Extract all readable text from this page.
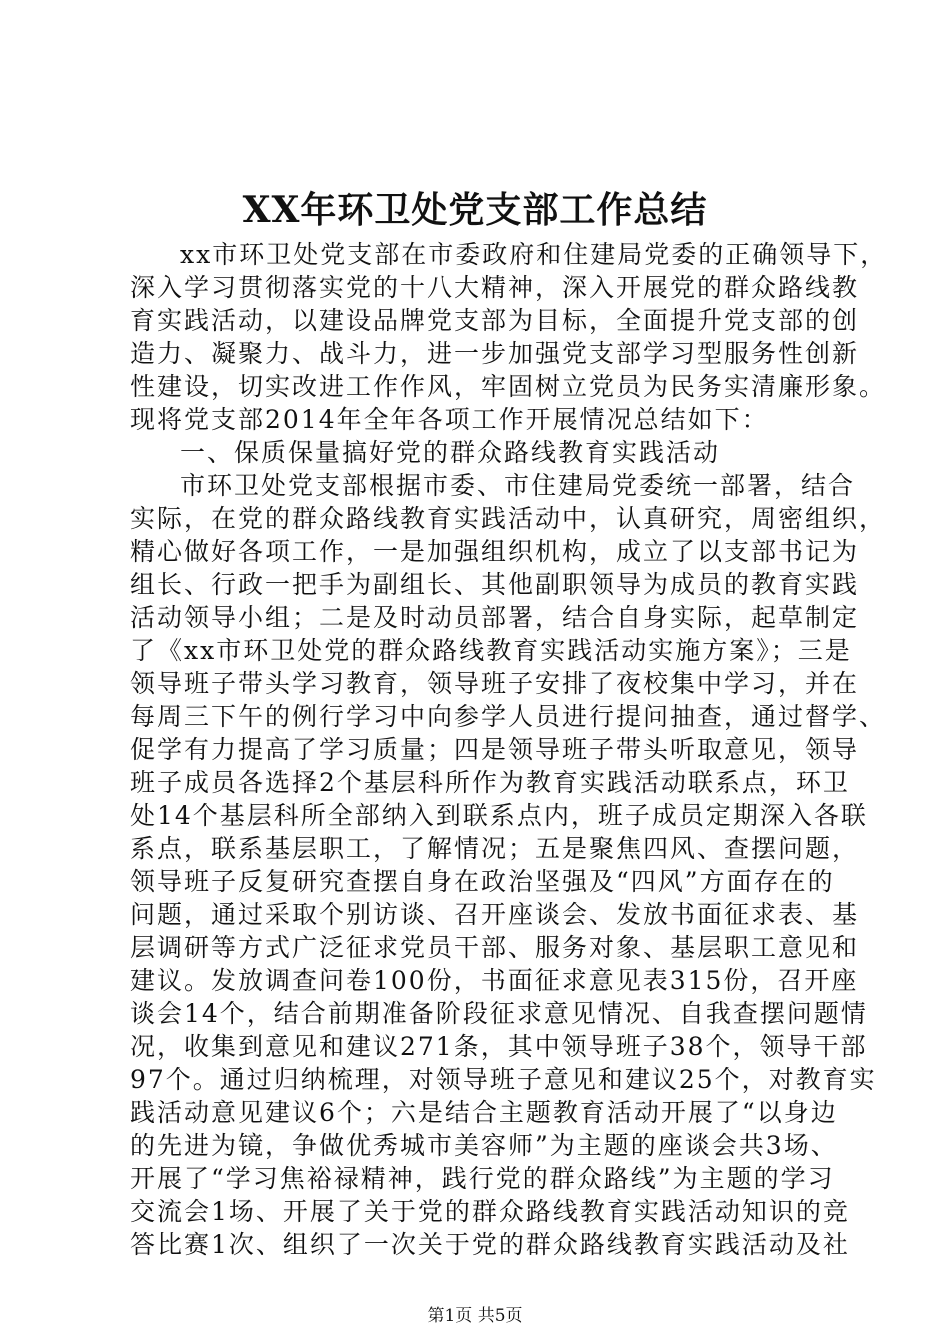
XX年环卫处党支部工作总结
xx市环卫处党支部在市委政府和住建局党委的正确领导下，
深入学习贯彻落实党的十八大精神，深入开展党的群众路线教
育实践活动，以建设品牌党支部为目标，全面提升党支部的创
造力、凝聚力、战斗力，进一步加强党支部学习型服务性创新
性建设，切实改进工作作风，牢固树立党员为民务实清廉形象。
现将党支部2014年全年各项工作开展情况总结如下：
一、保质保量搞好党的群众路线教育实践活动
市环卫处党支部根据市委、市住建局党委统一部署，结合
实际，在党的群众路线教育实践活动中，认真研究，周密组织，
精心做好各项工作，一是加强组织机构，成立了以支部书记为
组长、行政一把手为副组长、其他副职领导为成员的教育实践
活动领导小组；二是及时动员部署，结合自身实际，起草制定
了《xx市环卫处党的群众路线教育实践活动实施方案》；三是
领导班子带头学习教育，领导班子安排了夜校集中学习，并在
每周三下午的例行学习中向参学人员进行提问抽查，通过督学、
促学有力提高了学习质量；四是领导班子带头听取意见，领导
班子成员各选择2个基层科所作为教育实践活动联系点，环卫
处14个基层科所全部纳入到联系点内，班子成员定期深入各联
系点，联系基层职工，了解情况；五是聚焦四风、查摆问题，
领导班子反复研究查摆自身在政治坚强及“四风”方面存在的
问题，通过采取个别访谈、召开座谈会、发放书面征求表、基
层调研等方式广泛征求党员干部、服务对象、基层职工意见和
建议。发放调查问卷100份，书面征求意见表315份，召开座
谈会14个，结合前期准备阶段征求意见情况、自我查摆问题情
况，收集到意见和建议271条，其中领导班子38个，领导干部
97个。通过归纳梳理，对领导班子意见和建议25个，对教育实
践活动意见建议6个；六是结合主题教育活动开展了“以身边
的先进为镜，争做优秀城市美容师”为主题的座谈会共3场、
开展了“学习焦裕禄精神，践行党的群众路线”为主题的学习
交流会1场、开展了关于党的群众路线教育实践活动知识的竞
答比赛1次、组织了一次关于党的群众路线教育实践活动及社
第1页 共5页
